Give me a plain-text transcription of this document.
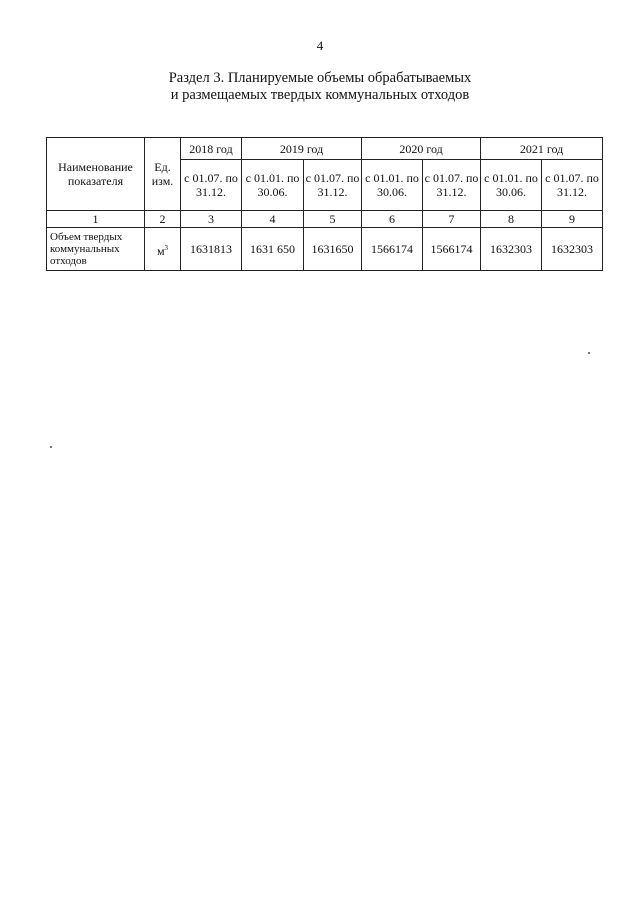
4
Раздел 3. Планируемые объемы обрабатываемых
и размещаемых твердых коммунальных отходов
Наименование показателя	Ед. изм.	2018 год	2019 год		2020 год		2021 год	
		с 01.07. по 31.12.	с 01.01. по 30.06.	с 01.07. по 31.12.	с 01.01. по 30.06.	с 01.07. по 31.12.	с 01.01. по 30.06.	с 01.07. по 31.12.
1	2	3	4	5	6	7	8	9
Объем твердых коммунальных отходов	$м^3$	1631813	1631 650	1631650	1566174	1566174	1632303	1632303
